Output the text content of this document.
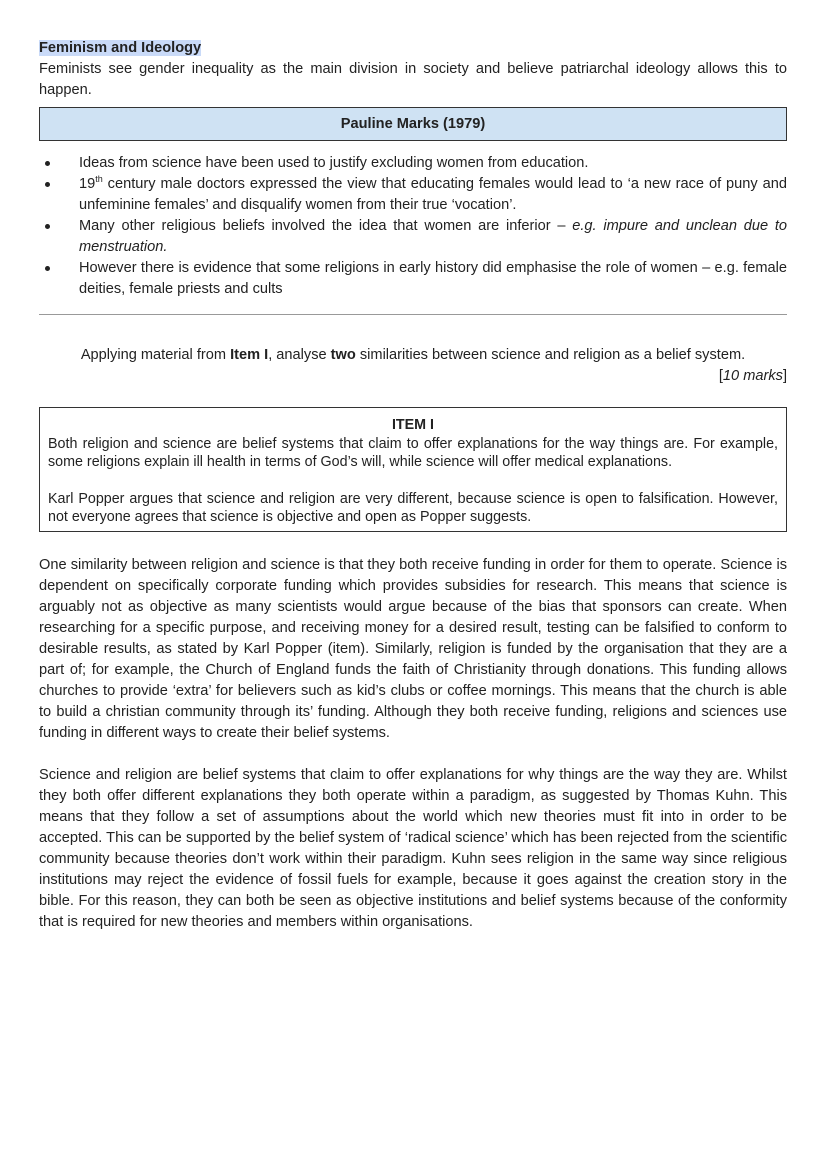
Feminism and Ideology

Feminists see gender inequality as the main division in society and believe patriarchal ideology allows this to happen.

Pauline Marks (1979)
Ideas from science have been used to justify excluding women from education.
19th century male doctors expressed the view that educating females would lead to ‘a new race of puny and unfeminine females’ and disqualify women from their true ‘vocation’.
Many other religious beliefs involved the idea that women are inferior – e.g. impure and unclean due to menstruation.
However there is evidence that some religions in early history did emphasise the role of women – e.g. female deities, female priests and cults

Applying material from Item I, analyse two similarities between science and religion as a belief system.

[10 marks]

ITEM I
Both religion and science are belief systems that claim to offer explanations for the way things are. For example, some religions explain ill health in terms of God’s will, while science will offer medical explanations.
Karl Popper argues that science and religion are very different, because science is open to falsification. However, not everyone agrees that science is objective and open as Popper suggests.

One similarity between religion and science is that they both receive funding in order for them to operate. Science is dependent on specifically corporate funding which provides subsidies for research. This means that science is arguably not as objective as many scientists would argue because of the bias that sponsors can create. When researching for a specific purpose, and receiving money for a desired result, testing can be falsified to conform to desirable results, as stated by Karl Popper (item). Similarly, religion is funded by the organisation that they are a part of; for example, the Church of England funds the faith of Christianity through donations. This funding allows churches to provide ‘extra’ for believers such as kid’s clubs or coffee mornings. This means that the church is able to build a christian community through its’ funding. Although they both receive funding, religions and sciences use funding in different ways to create their belief systems.

Science and religion are belief systems that claim to offer explanations for why things are the way they are. Whilst they both offer different explanations they both operate within a paradigm, as suggested by Thomas Kuhn. This means that they follow a set of assumptions about the world which new theories must fit into in order to be accepted. This can be supported by the belief system of ‘radical science’ which has been rejected from the scientific community because theories don’t work within their paradigm. Kuhn sees religion in the same way since religious institutions may reject the evidence of fossil fuels for example, because it goes against the creation story in the bible. For this reason, they can both be seen as objective institutions and belief systems because of the conformity that is required for new theories and members within organisations.
